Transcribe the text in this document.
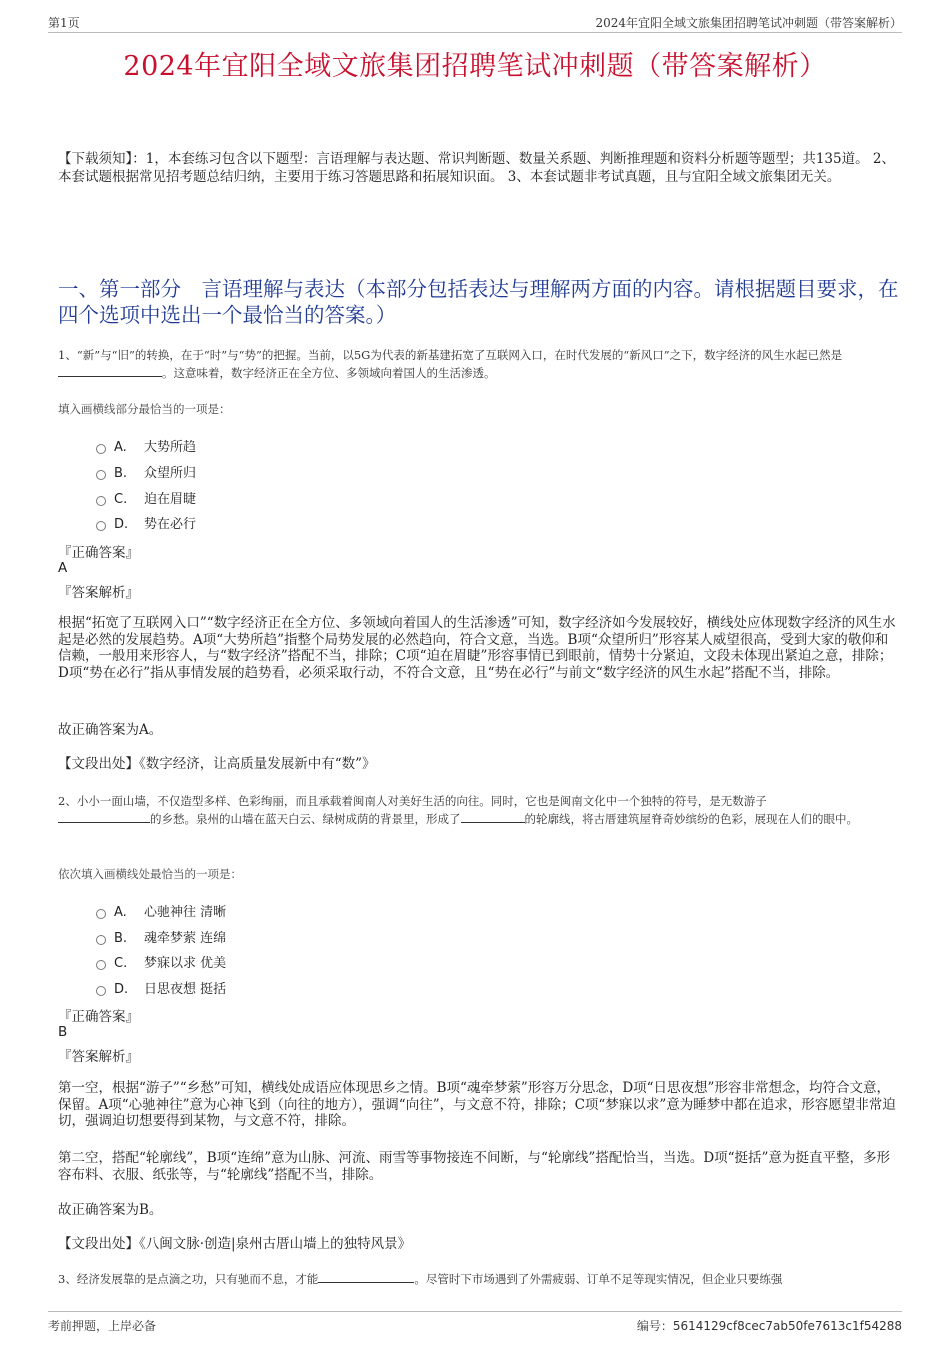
第1页	2024年宜阳全域文旅集团招聘笔试冲刺题（带答案解析）
2024年宜阳全域文旅集团招聘笔试冲刺题（带答案解析）
【下载须知】：1，本套练习包含以下题型：言语理解与表达题、常识判断题、数量关系题、判断推理题和资料分析题等题型；共135道。 2、本套试题根据常见招考题总结归纳，主要用于练习答题思路和拓展知识面。 3、本套试题非考试真题，且与宜阳全域文旅集团无关。
一、第一部分　言语理解与表达（本部分包括表达与理解两方面的内容。请根据题目要求，在四个选项中选出一个最恰当的答案。）
1、“新”与“旧”的转换，在于“时”与“势”的把握。当前，以5G为代表的新基建拓宽了互联网入口，在时代发展的“新风口”之下，数字经济的风生水起已然是。这意味着，数字经济正在全方位、多领域向着国人的生活渗透。
填入画横线部分最恰当的一项是：
A. 大势所趋
B. 众望所归
C. 迫在眉睫
D. 势在必行
『正确答案』
A
『答案解析』
根据“拓宽了互联网入口”“数字经济正在全方位、多领域向着国人的生活渗透”可知，数字经济如今发展较好，横线处应体现数字经济的风生水起是必然的发展趋势。A项“大势所趋”指整个局势发展的必然趋向，符合文意，当选。B项“众望所归”形容某人威望很高，受到大家的敬仰和信赖，一般用来形容人，与“数字经济”搭配不当，排除；C项“迫在眉睫”形容事情已到眼前，情势十分紧迫，文段未体现出紧迫之意，排除；D项“势在必行”指从事情发展的趋势看，必须采取行动，不符合文意，且“势在必行”与前文“数字经济的风生水起”搭配不当，排除。
故正确答案为A。
【文段出处】《数字经济，让高质量发展新中有“数”》
2、小小一面山墙，不仅造型多样、色彩绚丽，而且承载着闽南人对美好生活的向往。同时，它也是闽南文化中一个独特的符号，是无数游子
的乡愁。泉州的山墙在蓝天白云、绿树成荫的背景里，形成了	的轮廓线，将古厝建筑屋脊奇妙缤纷的色彩，展现在人们的眼中。
依次填入画横线处最恰当的一项是：
A. 心驰神往 清晰
B. 魂牵梦萦 连绵
C. 梦寐以求 优美
D. 日思夜想 挺括
『正确答案』
B
『答案解析』
第一空，根据“游子”“乡愁”可知，横线处成语应体现思乡之情。B项“魂牵梦萦”形容万分思念，D项“日思夜想”形容非常想念，均符合文意，保留。A项“心驰神往”意为心神飞到（向往的地方），强调“向往”，与文意不符，排除；C项“梦寐以求”意为睡梦中都在追求，形容愿望非常迫切，强调迫切想要得到某物，与文意不符，排除。
第二空，搭配“轮廓线”，B项“连绵”意为山脉、河流、雨雪等事物接连不间断，与“轮廓线”搭配恰当，当选。D项“挺括”意为挺直平整，多形容布料、衣服、纸张等，与“轮廓线”搭配不当，排除。
故正确答案为B。
【文段出处】《八闽文脉·创造|泉州古厝山墙上的独特风景》
3、经济发展靠的是点滴之功，只有驰而不息，才能	。尽管时下市场遇到了外需疲弱、订单不足等现实情况，但企业只要练强
考前押题，上岸必备	编号：5614129cf8cec7ab50fe7613c1f54288
